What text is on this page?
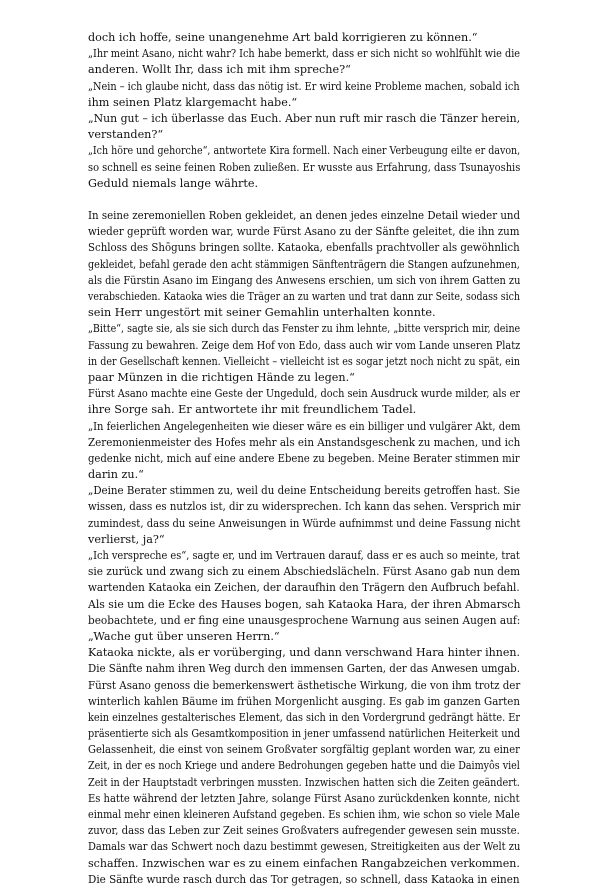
doch ich hoffe, seine unangenehme Art bald korrigieren zu können.“
„Ihr meint Asano, nicht wahr? Ich habe bemerkt, dass er sich nicht so wohlfühlt wie die
anderen. Wollt Ihr, dass ich mit ihm spreche?“
„Nein – ich glaube nicht, dass das nötig ist. Er wird keine Probleme machen, sobald ich
ihm seinen Platz klargemacht habe.“
„Nun gut – ich überlasse das Euch. Aber nun ruft mir rasch die Tänzer herein,
verstanden?“
„Ich höre und gehorche“, antwortete Kira formell. Nach einer Verbeugung eilte er davon,
so schnell es seine feinen Roben zuließen. Er wusste aus Erfahrung, dass Tsunayoshis
Geduld niemals lange währte.
In seine zeremoniellen Roben gekleidet, an denen jedes einzelne Detail wieder und
wieder geprüft worden war, wurde Fürst Asano zu der Sänfte geleitet, die ihn zum
Schloss des Shōguns bringen sollte. Kataoka, ebenfalls prachtvoller als gewöhnlich
gekleidet, befahl gerade den acht stämmigen Sänftenträgern die Stangen aufzunehmen,
als die Fürstin Asano im Eingang des Anwesens erschien, um sich von ihrem Gatten zu
verabschieden. Kataoka wies die Träger an zu warten und trat dann zur Seite, sodass sich
sein Herr ungestört mit seiner Gemahlin unterhalten konnte.
„Bitte“, sagte sie, als sie sich durch das Fenster zu ihm lehnte, „bitte versprich mir, deine
Fassung zu bewahren. Zeige dem Hof von Edo, dass auch wir vom Lande unseren Platz
in der Gesellschaft kennen. Vielleicht – vielleicht ist es sogar jetzt noch nicht zu spät, ein
paar Münzen in die richtigen Hände zu legen.“
Fürst Asano machte eine Geste der Ungeduld, doch sein Ausdruck wurde milder, als er
ihre Sorge sah. Er antwortete ihr mit freundlichem Tadel.
„In feierlichen Angelegenheiten wie dieser wäre es ein billiger und vulgärer Akt, dem
Zeremonienmeister des Hofes mehr als ein Anstandsgeschenk zu machen, und ich
gedenke nicht, mich auf eine andere Ebene zu begeben. Meine Berater stimmen mir
darin zu.“
„Deine Berater stimmen zu, weil du deine Entscheidung bereits getroffen hast. Sie
wissen, dass es nutzlos ist, dir zu widersprechen. Ich kann das sehen. Versprich mir
zumindest, dass du seine Anweisungen in Würde aufnimmst und deine Fassung nicht
verlierst, ja?“
„Ich verspreche es“, sagte er, und im Vertrauen darauf, dass er es auch so meinte, trat
sie zurück und zwang sich zu einem Abschiedslächeln. Fürst Asano gab nun dem
wartenden Kataoka ein Zeichen, der daraufhin den Trägern den Aufbruch befahl.
Als sie um die Ecke des Hauses bogen, sah Kataoka Hara, der ihren Abmarsch
beobachtete, und er fing eine unausgesprochene Warnung aus seinen Augen auf:
„Wache gut über unseren Herrn.“
Kataoka nickte, als er vorüberging, und dann verschwand Hara hinter ihnen.
Die Sänfte nahm ihren Weg durch den immensen Garten, der das Anwesen umgab.
Fürst Asano genoss die bemerkenswert ästhetische Wirkung, die von ihm trotz der
winterlich kahlen Bäume im frühen Morgenlicht ausging. Es gab im ganzen Garten
kein einzelnes gestalterisches Element, das sich in den Vordergrund gedrängt hätte. Er
präsentierte sich als Gesamtkomposition in jener umfassend natürlichen Heiterkeit und
Gelassenheit, die einst von seinem Großvater sorgfältig geplant worden war, zu einer
Zeit, in der es noch Kriege und andere Bedrohungen gegeben hatte und die Daimyôs viel
Zeit in der Hauptstadt verbringen mussten. Inzwischen hatten sich die Zeiten geändert.
Es hatte während der letzten Jahre, solange Fürst Asano zurückdenken konnte, nicht
einmal mehr einen kleineren Aufstand gegeben. Es schien ihm, wie schon so viele Male
zuvor, dass das Leben zur Zeit seines Großvaters aufregender gewesen sein musste.
Damals war das Schwert noch dazu bestimmt gewesen, Streitigkeiten aus der Welt zu
schaffen. Inzwischen war es zu einem einfachen Rangabzeichen verkommen.
Die Sänfte wurde rasch durch das Tor getragen, so schnell, dass Kataoka in einen
